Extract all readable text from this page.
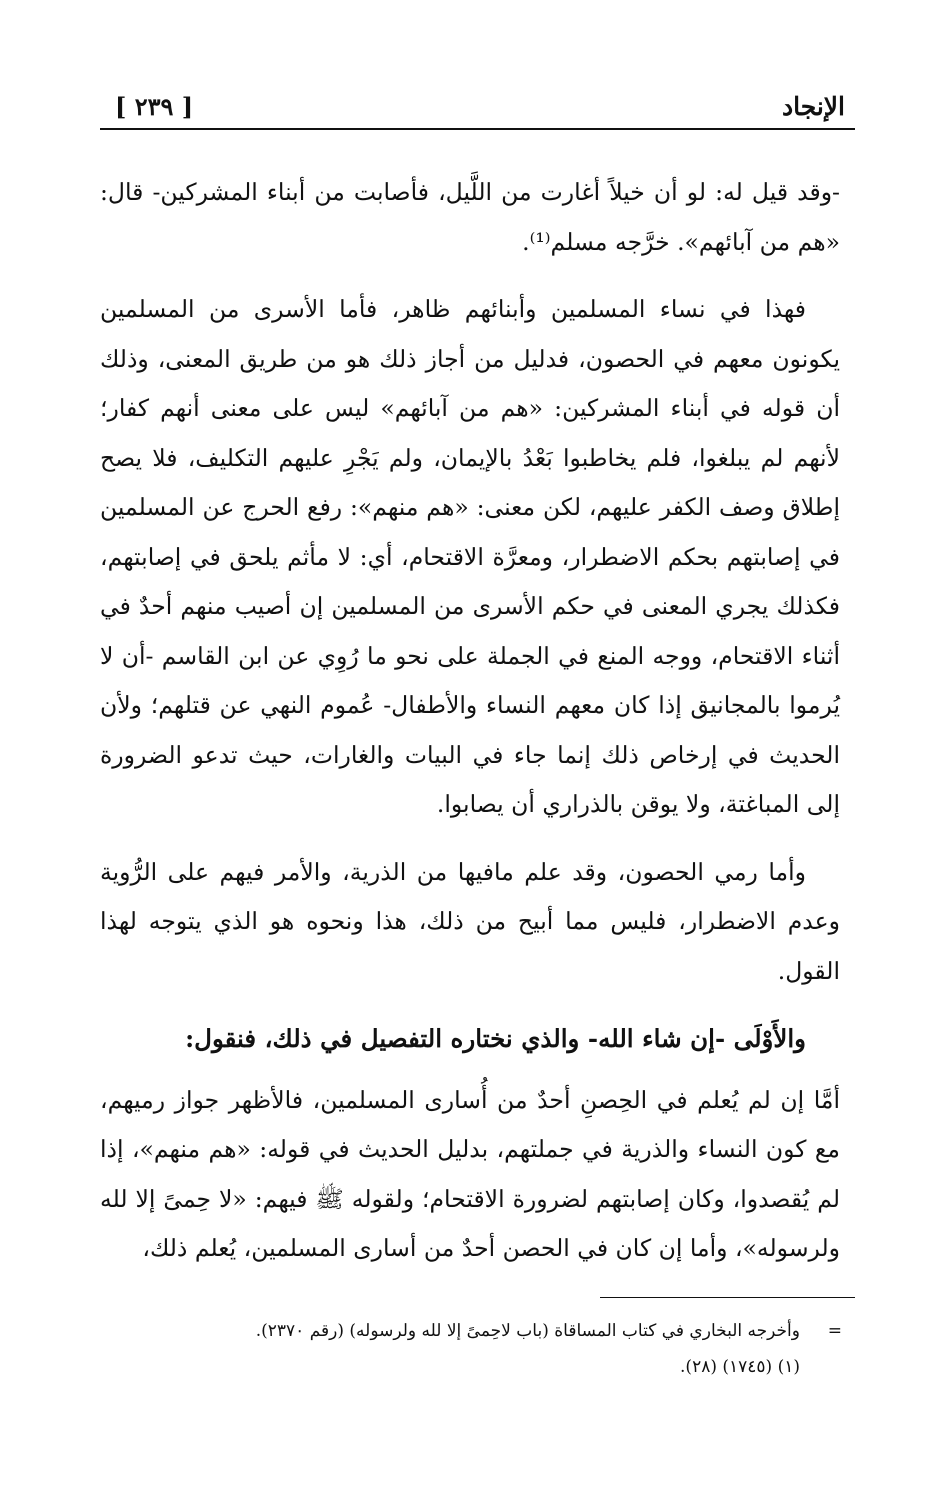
[ ٢٣٩ ]	الإنجاد

-وقد قيل له: لو أن خيلاً أغارت من اللَّيل، فأصابت من أبناء المشركين- قال: «هم من آبائهم». خرَّجه مسلم⁽¹⁾.

فهذا في نساء المسلمين وأبنائهم ظاهر، فأما الأسرى من المسلمين يكونون معهم في الحصون، فدليل من أجاز ذلك هو من طريق المعنى، وذلك أن قوله في أبناء المشركين: «هم من آبائهم» ليس على معنى أنهم كفار؛ لأنهم لم يبلغوا، فلم يخاطبوا بَعْدُ بالإيمان، ولم يَجْرِ عليهم التكليف، فلا يصح إطلاق وصف الكفر عليهم، لكن معنى: «هم منهم»: رفع الحرج عن المسلمين في إصابتهم بحكم الاضطرار، ومعرَّة الاقتحام، أي: لا مأثم يلحق في إصابتهم، فكذلك يجري المعنى في حكم الأسرى من المسلمين إن أصيب منهم أحدٌ في أثناء الاقتحام، ووجه المنع في الجملة على نحو ما رُوِي عن ابن القاسم -أن لا يُرموا بالمجانيق إذا كان معهم النساء والأطفال- عُموم النهي عن قتلهم؛ ولأن الحديث في إرخاص ذلك إنما جاء في البيات والغارات، حيث تدعو الضرورة إلى المباغتة، ولا يوقن بالذراري أن يصابوا.

وأما رمي الحصون، وقد علم مافيها من الذرية، والأمر فيهم على الرُّوية وعدم الاضطرار، فليس مما أبيح من ذلك، هذا ونحوه هو الذي يتوجه لهذا القول.

والأَوْلَى -إن شاء الله- والذي نختاره التفصيل في ذلك، فنقول:

أمَّا إن لم يُعلم في الحِصنِ أحدٌ من أُسارى المسلمين، فالأظهر جواز رميهم، مع كون النساء والذرية في جملتهم، بدليل الحديث في قوله: «هم منهم»، إذا لم يُقصدوا، وكان إصابتهم لضرورة الاقتحام؛ ولقوله ﷺ فيهم: «لا حِمىً إلا لله ولرسوله»، وأما إن كان في الحصن أحدٌ من أسارى المسلمين، يُعلم ذلك،

=
وأخرجه البخاري في كتاب المساقاة (باب لاحِمىً إلا لله ولرسوله) (رقم ٢٣٧٠).

(١) (١٧٤٥) (٢٨).
